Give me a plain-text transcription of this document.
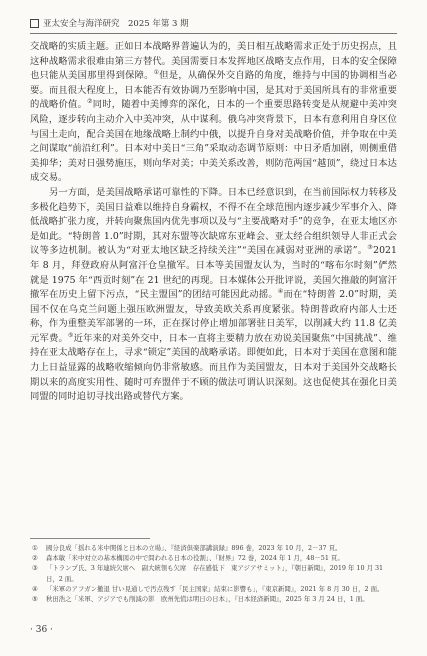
亚太安全与海洋研究　2025 年第 3 期

交战略的实质主题。正如日本战略界普遍认为的，美日相互战略需求正处于历史拐点，且这种战略需求很难由第三方替代。美国需要日本发挥地区战略支点作用，日本的安全保障也只能从美国那里得到保障。①但是，从确保外交自路的角度，维持与中国的协调相当必要。而且很大程度上，日本能否有效协调乃至影响中国，是其对于美国所具有的非常重要的战略价值。②同时，随着中美博弈的深化，日本的一个重要思路转变是从规避中美冲突风险，逐步转向主动介入中美冲突，从中谋利。俄乌冲突背景下，日本有意利用自身区位与国土走向，配合美国在地缘战略上制约中俄，以提升自身对美战略价值，并争取在中美之间谋取“前沿红利”。日本对中美日“三角”采取动态调节原则：中日矛盾加剧，则侧重借美抑华；美对日强势施压，则向华对美；中美关系改善，则防范两国“越顶”，绕过日本达成交易。

另一方面，是美国战略承诺可靠性的下降。日本已经意识到，在当前国际权力转移及多极化趋势下，美国日益难以维持自身霸权，不得不在全球范围内逐步减少军事介入、降低战略扩张力度，并转向聚焦国内优先事项以及与“主要战略对手”的竞争，在亚太地区亦是如此。“特朗普 1.0”时期，其对东盟等次缺席东亚峰会、亚太经合组织领导人非正式会议等多边机制。被认为“对亚太地区缺乏持续关注”“美国在减弱对亚洲的承诺”。③2021 年 8 月，拜登政府从阿富汗仓皇撤军。日本等美国盟友认为，当时的“喀布尔时刻”俨然就是 1975 年“西贡时刻”在 21 世纪的再现。日本媒体公开批评说，美国欠推敲的阿富汗撤军在历史上留下污点，“民主盟国”的团结可能因此动摇。④而在“特朗普 2.0”时期，美国不仅在乌克兰问题上强压欧洲盟友，导致美欧关系再度紧张。特朗普政府内部人士还称，作为重整美军部署的一环，正在探讨停止增加部署驻日美军，以削减大约 11.8 亿美元军费。⑤近年来的对美外交中，日本一直将主要精力放在劝说美国聚焦“中国挑战”、维持在亚太战略存在上，寻求“锁定”美国的战略承诺。即便如此，日本对于美国在意图和能力上日益显露的战略收缩倾向仍非常敏感。而且作为美国盟友，日本对于美国外交战略长期以来的高度实用性、随时可弃盟伴于不顾的做法可谓认识深刻。这也促使其在强化日美同盟的同时追切寻找出路或替代方案。

①	國分良成「揺れる米中関係と日本の立場」、『経済倶楽部講演録』896 巻，2023 年 10 月，2－37 頁。
②	森本敏「米中対立の基本構図の中で問われる日本の役割」、『財界』72 巻，2024 年 1 月，48－51 頁。
③	「トランプ氏、3 年連続欠席へ　副大統領も欠席　存在感低下　東アジアサミット」，『朝日新聞』，2019 年 10 月 31 日，2 面。
④	「米軍のアフガン撤退 甘い見通しで汚点残す「民主国家」結束に影響も」，『東京新聞』，2021 年 8 月 30 日，2 面。
⑤	秋田浩之「米軍、アジアでも削減の影　欧州先慌は明日の日本」，『日本経済新聞』，2025 年 3 月 24 日，1 面。
· 36 ·
